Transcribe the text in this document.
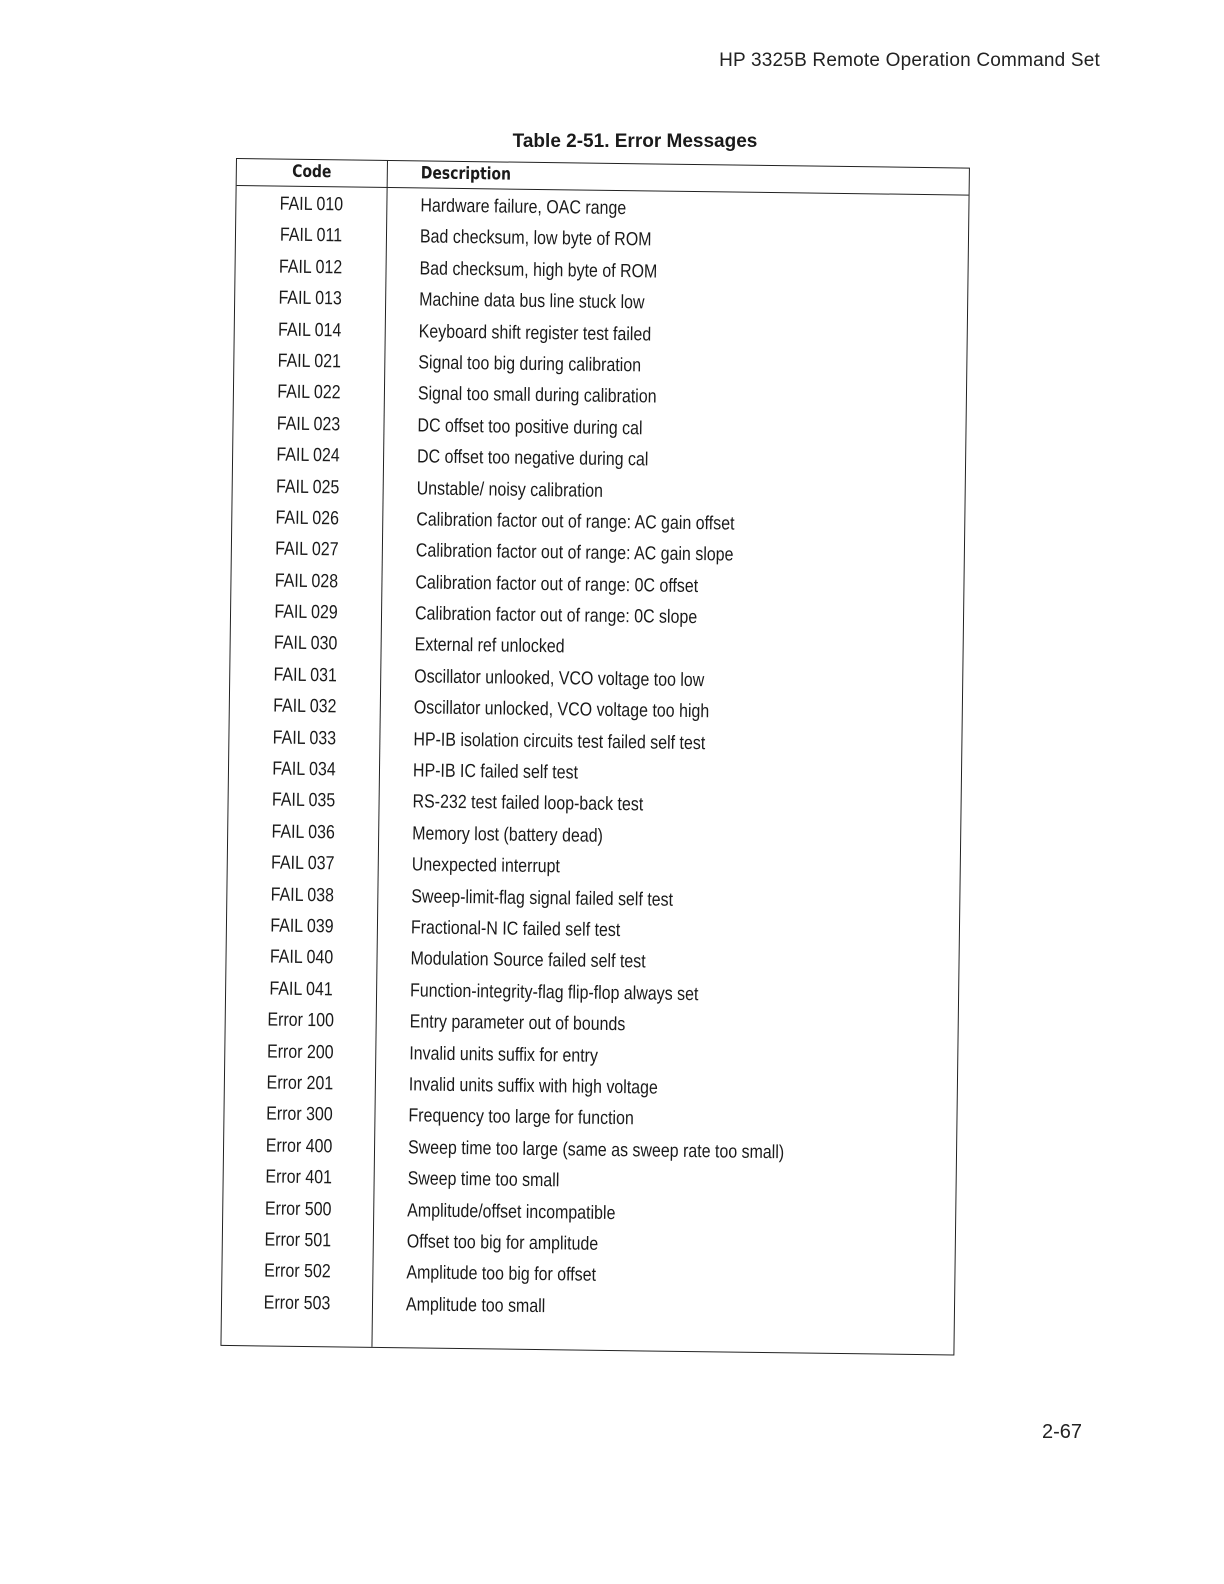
HP 3325B Remote Operation Command Set
Table 2-51. Error Messages
Code	Description
FAIL 010	Hardware failure, OAC range
FAIL 011	Bad checksum, low byte of ROM
FAIL 012	Bad checksum, high byte of ROM
FAIL 013	Machine data bus line stuck low
FAIL 014	Keyboard shift register test failed
FAIL 021	Signal too big during calibration
FAIL 022	Signal too small during calibration
FAIL 023	DC offset too positive during cal
FAIL 024	DC offset too negative during cal
FAIL 025	Unstable/ noisy calibration
FAIL 026	Calibration factor out of range: AC gain offset
FAIL 027	Calibration factor out of range: AC gain slope
FAIL 028	Calibration factor out of range: 0C offset
FAIL 029	Calibration factor out of range: 0C slope
FAIL 030	External ref unlocked
FAIL 031	Oscillator unlooked, VCO voltage too low
FAIL 032	Oscillator unlocked, VCO voltage too high
FAIL 033	HP-IB isolation circuits test failed self test
FAIL 034	HP-IB IC failed self test
FAIL 035	RS-232 test failed loop-back test
FAIL 036	Memory lost (battery dead)
FAIL 037	Unexpected interrupt
FAIL 038	Sweep-limit-flag signal failed self test
FAIL 039	Fractional-N IC failed self test
FAIL 040	Modulation Source failed self test
FAIL 041	Function-integrity-flag flip-flop always set
Error 100	Entry parameter out of bounds
Error 200	Invalid units suffix for entry
Error 201	Invalid units suffix with high voltage
Error 300	Frequency too large for function
Error 400	Sweep time too large (same as sweep rate too small)
Error 401	Sweep time too small
Error 500	Amplitude/offset incompatible
Error 501	Offset too big for amplitude
Error 502	Amplitude too big for offset
Error 503	Amplitude too small
2-67
